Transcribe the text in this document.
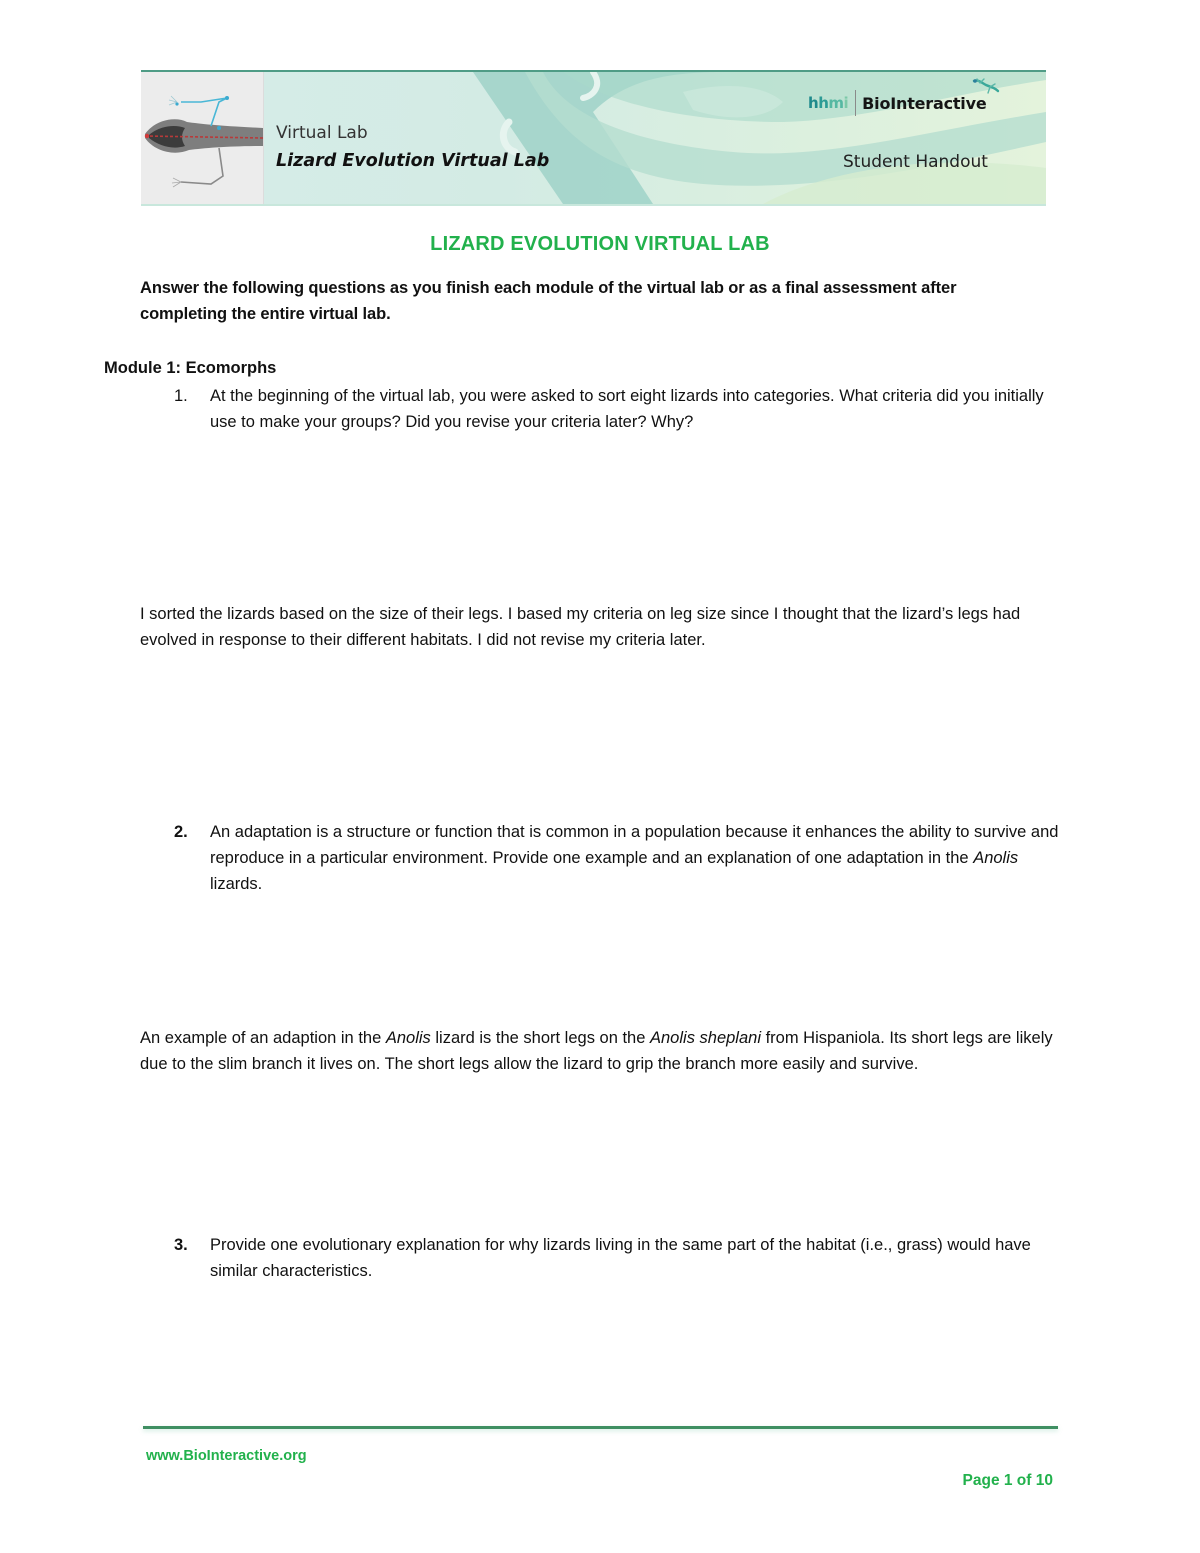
Virtual Lab
Lizard Evolution Virtual Lab	Student Handout
hhmi BioInteractive
LIZARD EVOLUTION VIRTUAL LAB
Answer the following questions as you finish each module of the virtual lab or as a final assessment after completing the entire virtual lab.
Module 1: Ecomorphs
1. At the beginning of the virtual lab, you were asked to sort eight lizards into categories. What criteria did you initially use to make your groups? Did you revise your criteria later? Why?
I sorted the lizards based on the size of their legs. I based my criteria on leg size since I thought that the lizard’s legs had evolved in response to their different habitats. I did not revise my criteria later.
2. An adaptation is a structure or function that is common in a population because it enhances the ability to survive and reproduce in a particular environment. Provide one example and an explanation of one adaptation in the Anolis lizards.
An example of an adaption in the Anolis lizard is the short legs on the Anolis sheplani from Hispaniola. Its short legs are likely due to the slim branch it lives on. The short legs allow the lizard to grip the branch more easily and survive.
3. Provide one evolutionary explanation for why lizards living in the same part of the habitat (i.e., grass) would have similar characteristics.
www.BioInteractive.org
Page 1 of 10
